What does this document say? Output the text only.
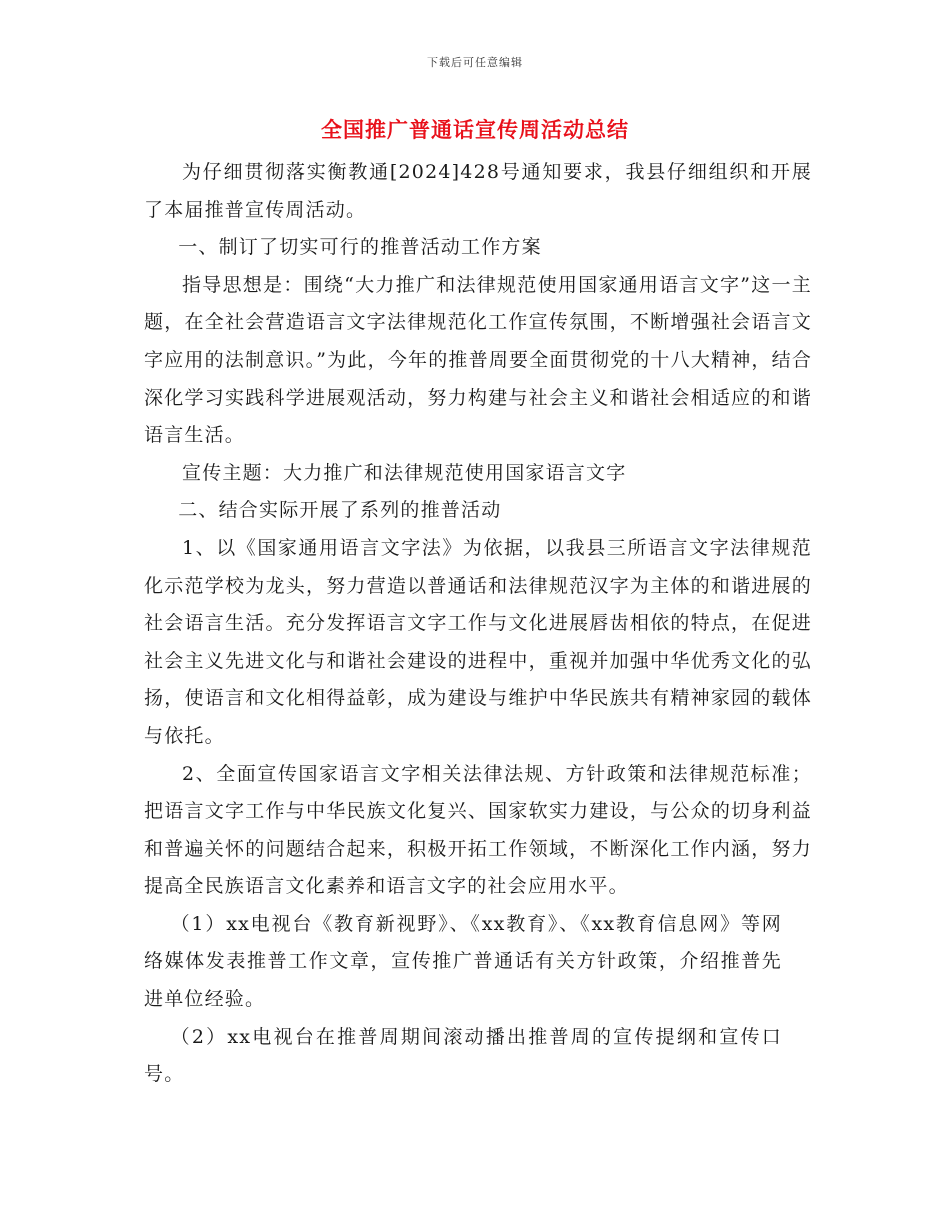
下载后可任意编辑
全国推广普通话宣传周活动总结

为仔细贯彻落实衡教通[2024]428号通知要求，我县仔细组织和开展了本届推普宣传周活动。

一、制订了切实可行的推普活动工作方案

指导思想是：围绕“大力推广和法律规范使用国家通用语言文字”这一主题，在全社会营造语言文字法律规范化工作宣传氛围，不断增强社会语言文字应用的法制意识。”为此，今年的推普周要全面贯彻党的十八大精神，结合深化学习实践科学进展观活动，努力构建与社会主义和谐社会相适应的和谐语言生活。

宣传主题：大力推广和法律规范使用国家语言文字

二、结合实际开展了系列的推普活动

1、以《国家通用语言文字法》为依据，以我县三所语言文字法律规范化示范学校为龙头，努力营造以普通话和法律规范汉字为主体的和谐进展的社会语言生活。充分发挥语言文字工作与文化进展唇齿相依的特点，在促进社会主义先进文化与和谐社会建设的进程中，重视并加强中华优秀文化的弘扬，使语言和文化相得益彰，成为建设与维护中华民族共有精神家园的载体与依托。

2、全面宣传国家语言文字相关法律法规、方针政策和法律规范标准；把语言文字工作与中华民族文化复兴、国家软实力建设，与公众的切身利益和普遍关怀的问题结合起来，积极开拓工作领域，不断深化工作内涵，努力提高全民族语言文化素养和语言文字的社会应用水平。

（1）xx电视台《教育新视野》、《xx教育》、《xx教育信息网》等网络媒体发表推普工作文章，宣传推广普通话有关方针政策，介绍推普先进单位经验。

（2）xx电视台在推普周期间滚动播出推普周的宣传提纲和宣传口号。
